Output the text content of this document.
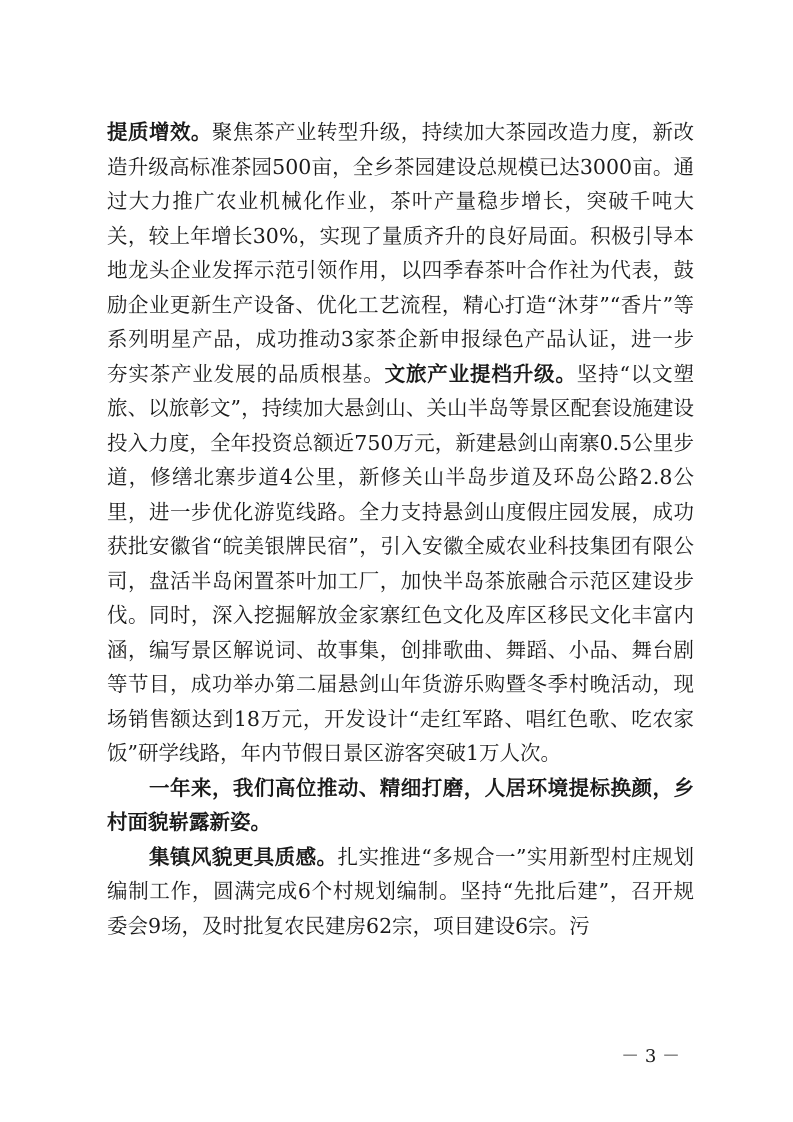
提质增效。聚焦茶产业转型升级，持续加大茶园改造力度，新改造升级高标准茶园500亩，全乡茶园建设总规模已达3000亩。通过大力推广农业机械化作业，茶叶产量稳步增长，突破千吨大关，较上年增长30%，实现了量质齐升的良好局面。积极引导本地龙头企业发挥示范引领作用，以四季春茶叶合作社为代表，鼓励企业更新生产设备、优化工艺流程，精心打造“沐芽”“香片”等系列明星产品，成功推动3家茶企新申报绿色产品认证，进一步夯实茶产业发展的品质根基。文旅产业提档升级。坚持“以文塑旅、以旅彰文”，持续加大悬剑山、关山半岛等景区配套设施建设投入力度，全年投资总额近750万元，新建悬剑山南寨0.5公里步道，修缮北寨步道4公里，新修关山半岛步道及环岛公路2.8公里，进一步优化游览线路。全力支持悬剑山度假庄园发展，成功获批安徽省“皖美银牌民宿”，引入安徽全威农业科技集团有限公司，盘活半岛闲置茶叶加工厂，加快半岛茶旅融合示范区建设步伐。同时，深入挖掘解放金家寨红色文化及库区移民文化丰富内涵，编写景区解说词、故事集，创排歌曲、舞蹈、小品、舞台剧等节目，成功举办第二届悬剑山年货游乐购暨冬季村晚活动，现场销售额达到18万元，开发设计“走红军路、唱红色歌、吃农家饭”研学线路，年内节假日景区游客突破1万人次。

一年来，我们高位推动、精细打磨，人居环境提标换颜，乡村面貌崭露新姿。

集镇风貌更具质感。扎实推进“多规合一”实用新型村庄规划编制工作，圆满完成6个村规划编制。坚持“先批后建”，召开规委会9场，及时批复农民建房62宗，项目建设6宗。污

－ 3 －
